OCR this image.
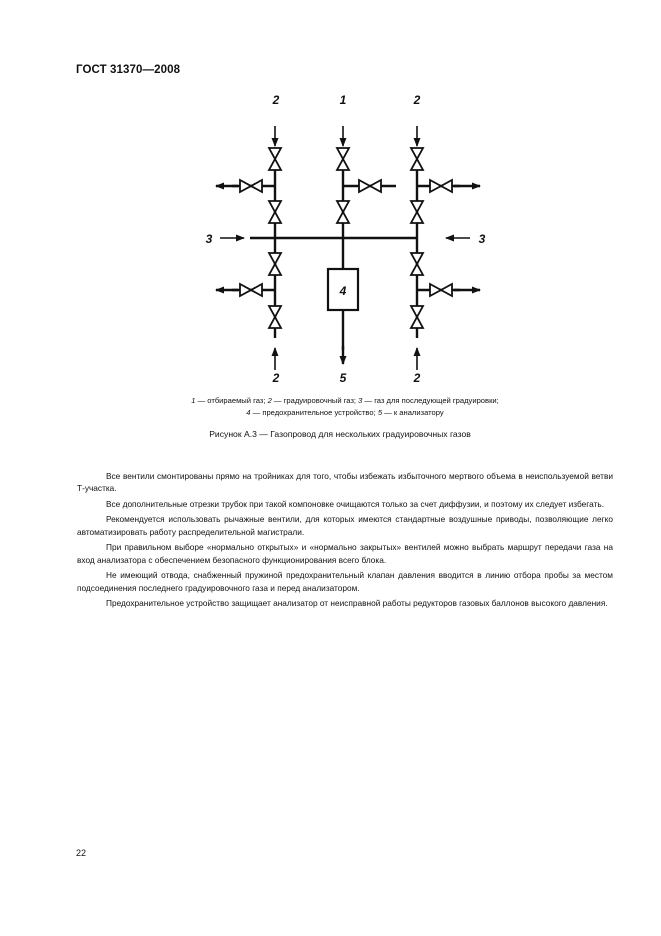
ГОСТ 31370—2008
2	1	2
3	3
4
2	5	2
1 — отбираемый газ; 2 — градуировочный газ; 3 — газ для последующей градуировки;
4 — предохранительное устройство; 5 — к анализатору
Рисунок А.3 — Газопровод для нескольких градуировочных газов

Все вентили смонтированы прямо на тройниках для того, чтобы избежать избыточного мертвого объема в неиспользуемой ветви Т-участка.

Все дополнительные отрезки трубок при такой компоновке очищаются только за счет диффузии, и поэтому их следует избегать.

Рекомендуется использовать рычажные вентили, для которых имеются стандартные воздушные приводы, позволяющие легко автоматизировать работу распределительной магистрали.

При правильном выборе «нормально открытых» и «нормально закрытых» вентилей можно выбрать маршрут передачи газа на вход анализатора с обеспечением безопасного функционирования всего блока.

Не имеющий отвода, снабженный пружиной предохранительный клапан давления вводится в линию отбора пробы за местом подсоединения последнего градуировочного газа и перед анализатором.

Предохранительное устройство защищает анализатор от неисправной работы редукторов газовых баллонов высокого давления.

22
